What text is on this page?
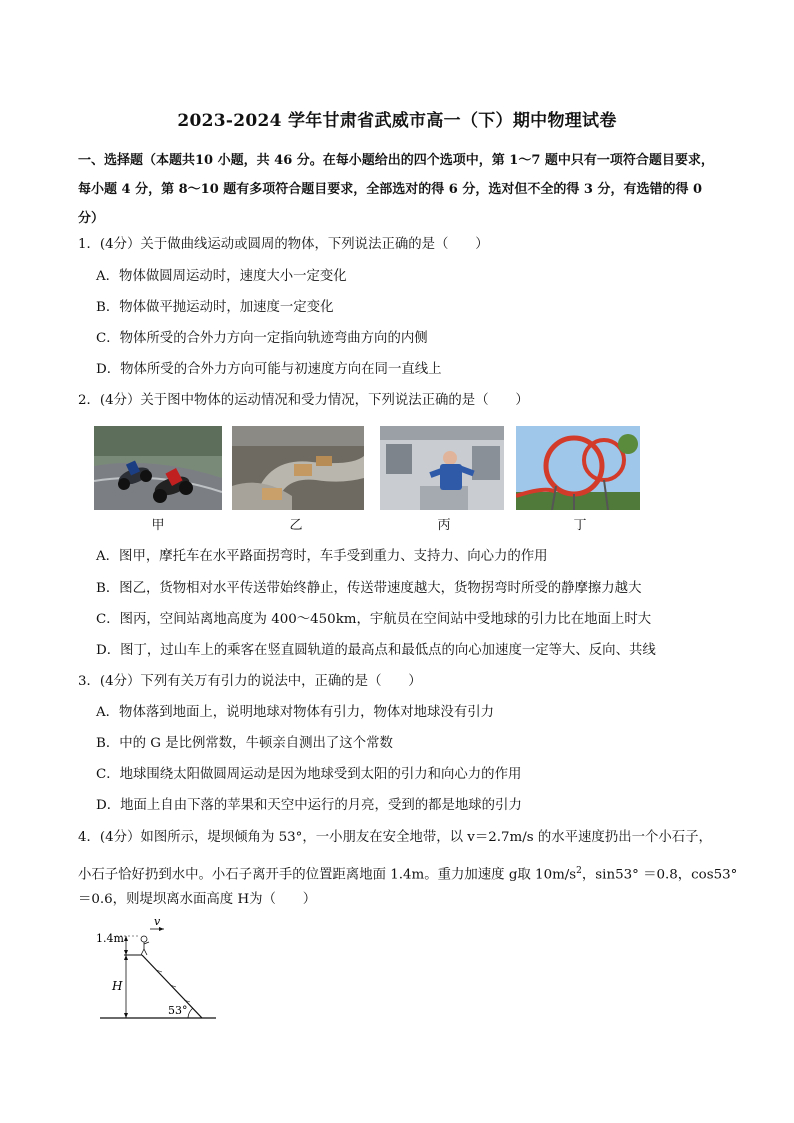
2023-2024 学年甘肃省武威市高一（下）期中物理试卷
一、选择题（本题共10 小题，共 46 分。在每小题给出的四个选项中，第 1～7 题中只有一项符合题目要求，每小题 4 分，第 8～10 题有多项符合题目要求，全部选对的得 6 分，选对但不全的得 3 分，有选错的得 0 分）
1．(4分）关于做曲线运动或圆周的物体，下列说法正确的是（　　）
A．物体做圆周运动时，速度大小一定变化
B．物体做平抛运动时，加速度一定变化
C．物体所受的合外力方向一定指向轨迹弯曲方向的内侧
D．物体所受的合外力方向可能与初速度方向在同一直线上
2．(4分）关于图中物体的运动情况和受力情况，下列说法正确的是（　　）
甲	乙	丙	丁
A．图甲，摩托车在水平路面拐弯时，车手受到重力、支持力、向心力的作用
B．图乙，货物相对水平传送带始终静止，传送带速度越大，货物拐弯时所受的静摩擦力越大
C．图丙，空间站离地高度为 400～450km，宇航员在空间站中受地球的引力比在地面上时大
D．图丁，过山车上的乘客在竖直圆轨道的最高点和最低点的向心加速度一定等大、反向、共线
3．(4分）下列有关万有引力的说法中，正确的是（　　）
A．物体落到地面上，说明地球对物体有引力，物体对地球没有引力
B．中的 G 是比例常数，牛顿亲自测出了这个常数
C．地球围绕太阳做圆周运动是因为地球受到太阳的引力和向心力的作用
D．地面上自由下落的苹果和天空中运行的月亮，受到的都是地球的引力
4．(4分）如图所示，堤坝倾角为 53°，一小朋友在安全地带，以 v＝2.7m/s 的水平速度扔出一个小石子，
小石子恰好扔到水中。小石子离开手的位置距离地面 1.4m。重力加速度 g取 $10m/s^2$，sin53° ＝0.8，cos53°
＝0.6，则堤坝离水面高度 H为（　　）
1.4m
v
H
53°
